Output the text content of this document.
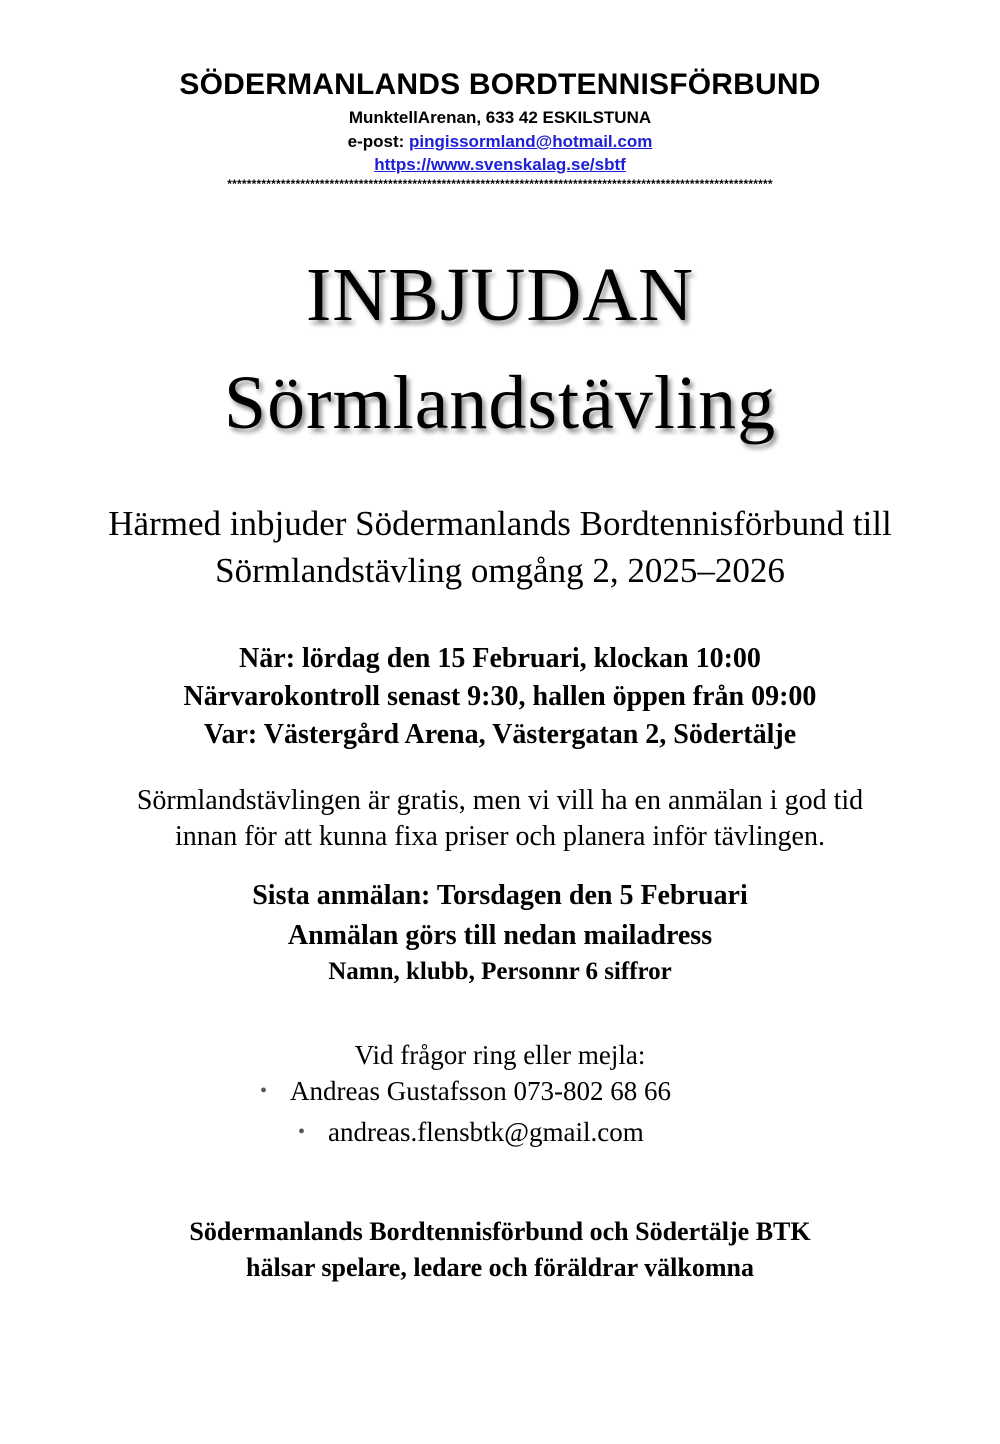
SÖDERMANLANDS BORDTENNISFÖRBUND
MunktellArenan, 633 42 ESKILSTUNA
e-post: pingissormland@hotmail.com
https://www.svenskalag.se/sbtf
****************************************************************************************************************
INBJUDAN
Sörmlandstävling
Härmed inbjuder Södermanlands Bordtennisförbund till
Sörmlandstävling omgång 2, 2025–2026
När: lördag den 15 Februari, klockan 10:00
Närvarokontroll senast 9:30, hallen öppen från 09:00
Var: Västergård Arena, Västergatan 2, Södertälje
Sörmlandstävlingen är gratis, men vi vill ha en anmälan i god tid
innan för att kunna fixa priser och planera inför tävlingen.
Sista anmälan: Torsdagen den 5 Februari
Anmälan görs till nedan mailadress
Namn, klubb, Personnr 6 siffror
Vid frågor ring eller mejla:
• Andreas Gustafsson 073-802 68 66
• andreas.flensbtk@gmail.com
Södermanlands Bordtennisförbund och Södertälje BTK
hälsar spelare, ledare och föräldrar välkomna
